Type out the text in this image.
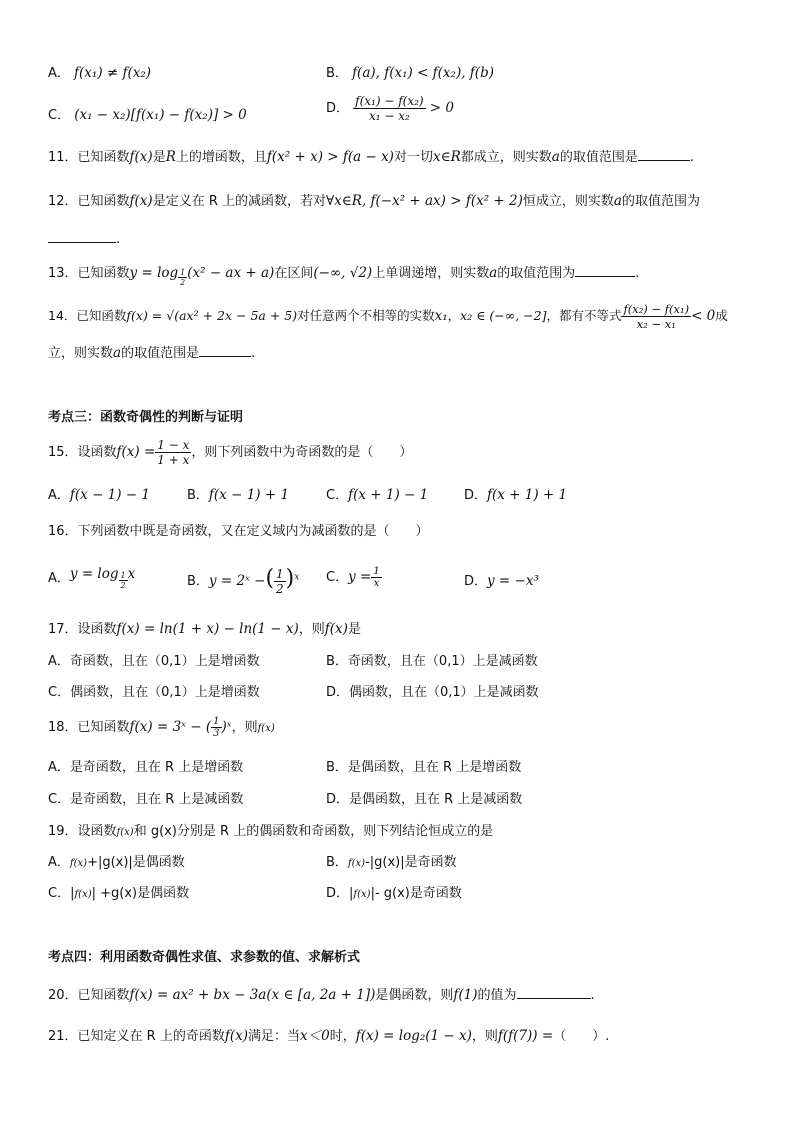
A． f(x₁) ≠ f(x₂)	B． f(a), f(x₁) < f(x₂), f(b)
C． (x₁ − x₂)[f(x₁) − f(x₂)] > 0	D． $\frac{\text{f(x₁) − f(x₂)}}{\text{x₁ − x₂}} > 0$
11．已知函数f(x)是R上的增函数，且f(x² + x) > f(a − x)对一切x∈R都成立，则实数a的取值范围是	.
12．已知函数f(x)是定义在 R 上的减函数，若对∀x∈R, f(−x² + ax) > f(x² + 2)恒成立，则实数a的取值范围为
.
13．已知函数$y = \log \frac{1}{2} (x^2$ − ax + a)在区间(−∞, √2)上单调递增，则实数a的取值范围为	.
14．已知函数f(x) = √(ax² + 2x − 5a + 5)对任意两个不相等的实数x₁，x₂ ∈ (−∞, −2]，都有不等式 $\frac{\text{f(x₂) − f(x₁)}}{\text{x₂ − x₁}} < 0$成
立，则实数a的取值范围是	.
考点三：函数奇偶性的判断与证明
15．设函数$f(x) = \frac{1 - x}{1 + x}$ ，则下列函数中为奇函数的是（　　）
A．f(x − 1) − 1	B．f(x − 1) + 1	C．f(x + 1) − 1	D．f(x + 1) + 1
16．下列函数中既是奇函数，又在定义域内为减函数的是（　　）
A．$y = \log \frac{1}{2}$ x	B．y = 2ˣ −( $\frac{1}{2} )^x$ C．$y = \frac{1}{x}$	D．y = −x³
17．设函数f(x) = ln(1 + x) − ln(1 − x)，则f(x)是
A．奇函数，且在（0,1）上是增函数	B．奇函数，且在（0,1）上是减函数
C．偶函数，且在（0,1）上是增函数	D．偶函数，且在（0,1）上是减函数
18．已知函数f(x) = 3ˣ − ( $\frac{1}{3}$ )ˣ，则f(x)
A．是奇函数，且在 R 上是增函数	B．是偶函数，且在 R 上是增函数
C．是奇函数，且在 R 上是减函数	D．是偶函数，且在 R 上是减函数
19．设函数f(x)和 g(x)分别是 R 上的偶函数和奇函数，则下列结论恒成立的是
A．f(x)+|g(x)|是偶函数	B．f(x)-|g(x)|是奇函数
C．|f(x)| +g(x)是偶函数	D．|f(x)|- g(x)是奇函数
考点四：利用函数奇偶性求值、求参数的值、求解析式
20．已知函数f(x) = ax² + bx − 3a(x ∈ [a, 2a + 1])是偶函数，则f(1)的值为	.
21．已知定义在 R 上的奇函数f(x)满足：当x＜0时，f(x) = log₂(1 − x)，则f(f(7)) =（　　）.
